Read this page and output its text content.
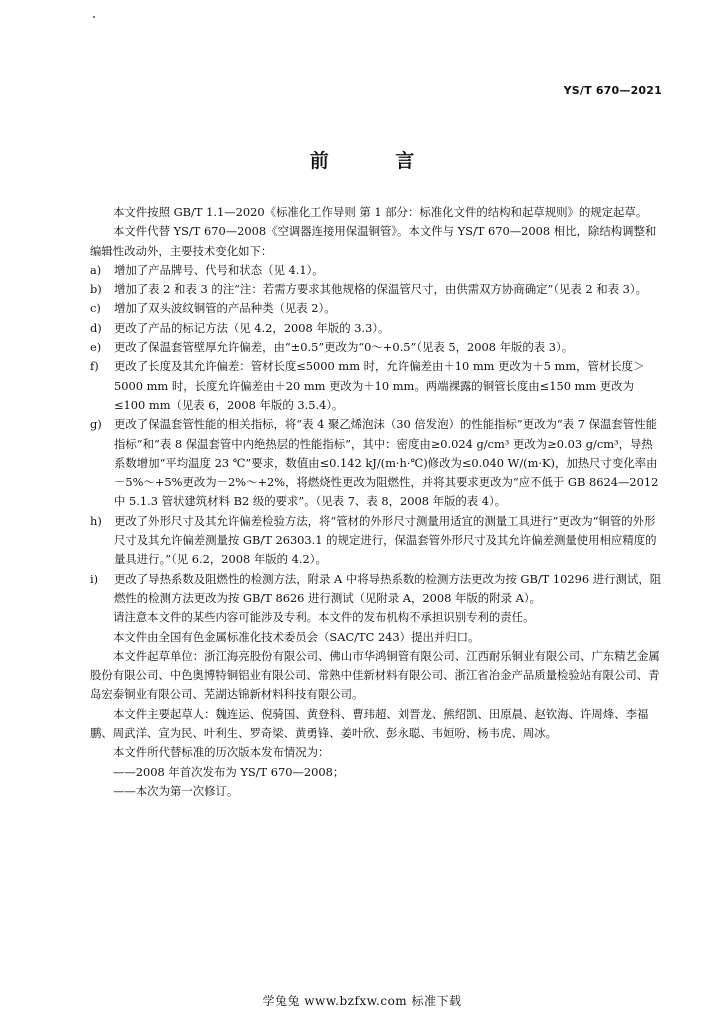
YS/T 670—2021
前 言

本文件按照 GB/T 1.1—2020《标准化工作导则 第 1 部分：标准化文件的结构和起草规则》的规定起草。

本文件代替 YS/T 670—2008《空调器连接用保温铜管》。本文件与 YS/T 670—2008 相比，除结构调整和编辑性改动外，主要技术变化如下：

a) 增加了产品牌号、代号和状态（见 4.1）。
b) 增加了表 2 和表 3 的注“注：若需方要求其他规格的保温管尺寸，由供需双方协商确定”（见表 2 和表 3）。
c) 增加了双头波纹铜管的产品种类（见表 2）。
d) 更改了产品的标记方法（见 4.2，2008 年版的 3.3）。
e) 更改了保温套管壁厚允许偏差，由“±0.5”更改为“0～+0.5”（见表 5，2008 年版的表 3）。
f) 更改了长度及其允许偏差：管材长度≤5000 mm 时，允许偏差由＋10 mm 更改为＋5 mm，管材长度＞5000 mm 时，长度允许偏差由＋20 mm 更改为＋10 mm。两端裸露的铜管长度由≤150 mm 更改为≤100 mm（见表 6，2008 年版的 3.5.4）。
g) 更改了保温套管性能的相关指标，将“表 4 聚乙烯泡沫（30 倍发泡）的性能指标”更改为“表 7 保温套管性能指标”和“表 8 保温套管中内绝热层的性能指标”，其中：密度由≥0.024 g/cm³ 更改为≥0.03 g/cm³，导热系数增加“平均温度 23 ℃”要求，数值由≤0.142 kJ/(m·h·℃)修改为≤0.040 W/(m·K)，加热尺寸变化率由－5%～+5%更改为－2%～+2%，将燃烧性更改为阻燃性，并将其要求更改为“应不低于 GB 8624—2012 中 5.1.3 管状建筑材料 B2 级的要求”。（见表 7、表 8，2008 年版的表 4）。
h) 更改了外形尺寸及其允许偏差检验方法，将“管材的外形尺寸测量用适宜的测量工具进行”更改为“铜管的外形尺寸及其允许偏差测量按 GB/T 26303.1 的规定进行，保温套管外形尺寸及其允许偏差测量使用相应精度的量具进行。”（见 6.2，2008 年版的 4.2）。
i) 更改了导热系数及阻燃性的检测方法，附录 A 中将导热系数的检测方法更改为按 GB/T 10296 进行测试，阻燃性的检测方法更改为按 GB/T 8626 进行测试（见附录 A，2008 年版的附录 A）。

请注意本文件的某些内容可能涉及专利。本文件的发布机构不承担识别专利的责任。

本文件由全国有色金属标准化技术委员会（SAC/TC 243）提出并归口。

本文件起草单位：浙江海亮股份有限公司、佛山市华鸿铜管有限公司、江西耐乐铜业有限公司、广东精艺金属股份有限公司、中色奥博特铜铝业有限公司、常熟中佳新材料有限公司、浙江省冶金产品质量检验站有限公司、青岛宏泰铜业有限公司、芜湖达锦新材料科技有限公司。

本文件主要起草人：魏连运、倪骑国、黄登科、曹玮超、刘晋龙、熊绍凯、田原晨、赵钦海、许周烽、李福鹏、周武洋、宣为民、叶利生、罗奇梁、黄勇锋、姜叶欣、彭永聪、韦姮吩、杨韦虎、周冰。

本文件所代替标准的历次版本发布情况为：

——2008 年首次发布为 YS/T 670—2008；

——本次为第一次修订。

学兔兔 www.bzfxw.com 标准下载
